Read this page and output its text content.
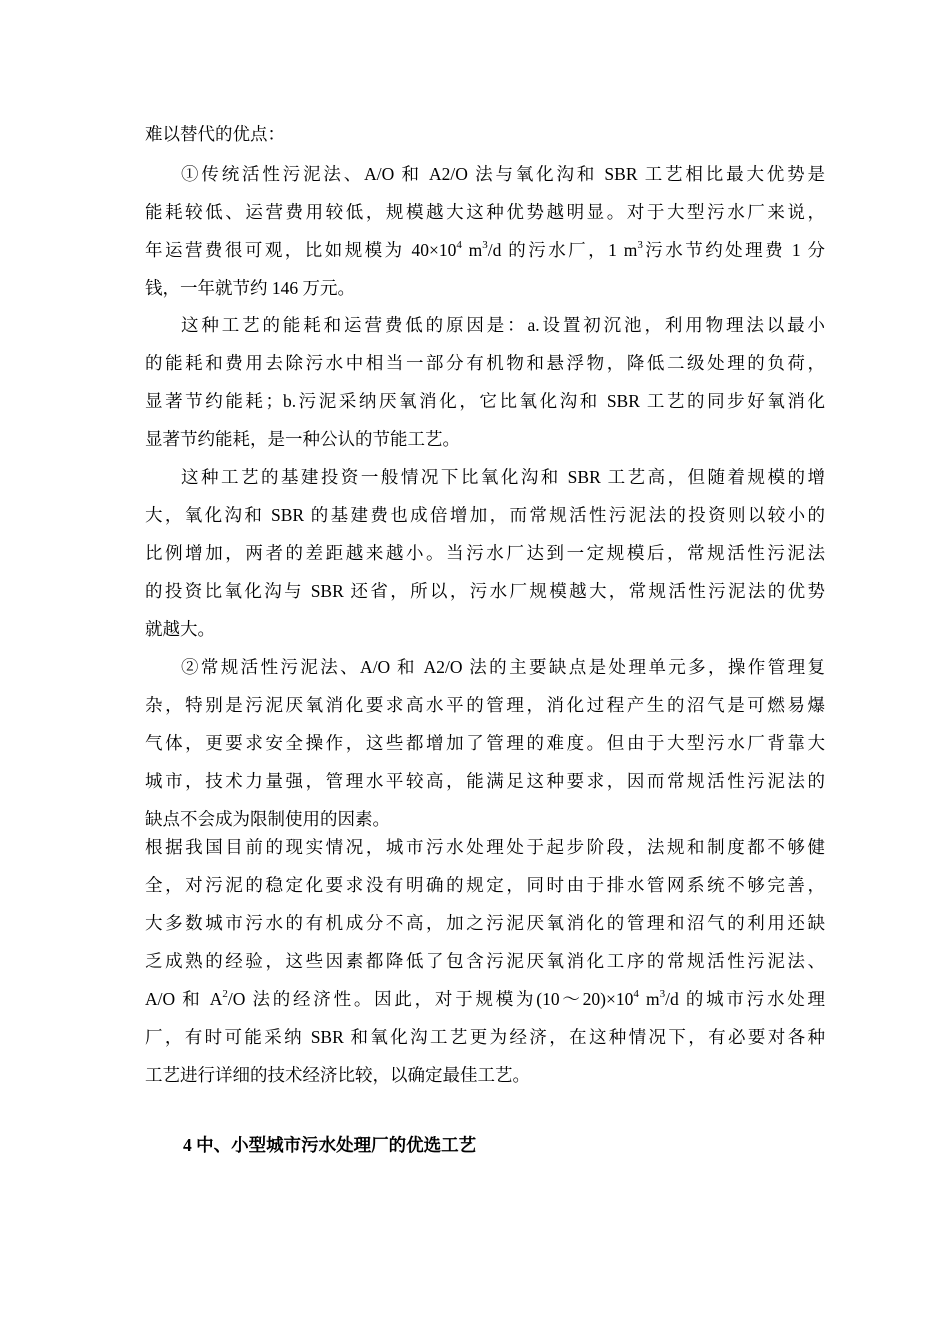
难以替代的优点：
①传统活性污泥法、A/O 和 A2/O 法与氧化沟和 SBR 工艺相比最大优势是
能耗较低、运营费用较低，规模越大这种优势越明显。对于大型污水厂来说，
年运营费很可观，比如规模为 $40\times 10^4$ $m^3/d$ 的污水厂，1 $m^3$污水节约处理费 1 分
钱，一年就节约 146 万元。
这种工艺的能耗和运营费低的原因是：a.设置初沉池，利用物理法以最小
的能耗和费用去除污水中相当一部分有机物和悬浮物，降低二级处理的负荷，
显著节约能耗；b.污泥采纳厌氧消化，它比氧化沟和 SBR 工艺的同步好氧消化
显著节约能耗，是一种公认的节能工艺。
这种工艺的基建投资一般情况下比氧化沟和 SBR 工艺高，但随着规模的增
大，氧化沟和 SBR 的基建费也成倍增加，而常规活性污泥法的投资则以较小的
比例增加，两者的差距越来越小。当污水厂达到一定规模后，常规活性污泥法
的投资比氧化沟与 SBR 还省，所以，污水厂规模越大，常规活性污泥法的优势
就越大。
②常规活性污泥法、A/O 和 A2/O 法的主要缺点是处理单元多，操作管理复
杂，特别是污泥厌氧消化要求高水平的管理，消化过程产生的沼气是可燃易爆
气体，更要求安全操作，这些都增加了管理的难度。但由于大型污水厂背靠大
城市，技术力量强，管理水平较高，能满足这种要求，因而常规活性污泥法的
缺点不会成为限制使用的因素。
根据我国目前的现实情况，城市污水处理处于起步阶段，法规和制度都不够健
全，对污泥的稳定化要求没有明确的规定，同时由于排水管网系统不够完善，
大多数城市污水的有机成分不高，加之污泥厌氧消化的管理和沼气的利用还缺
乏成熟的经验，这些因素都降低了包含污泥厌氧消化工序的常规活性污泥法、
A/O 和 $A^2/O$ 法的经济性。因此，对于规模为$(10\sim 20)\times 10^4$ $m^3/d$ 的城市污水处理
厂，有时可能采纳 SBR 和氧化沟工艺更为经济，在这种情况下，有必要对各种
工艺进行详细的技术经济比较，以确定最佳工艺。
4 中、小型城市污水处理厂的优选工艺
